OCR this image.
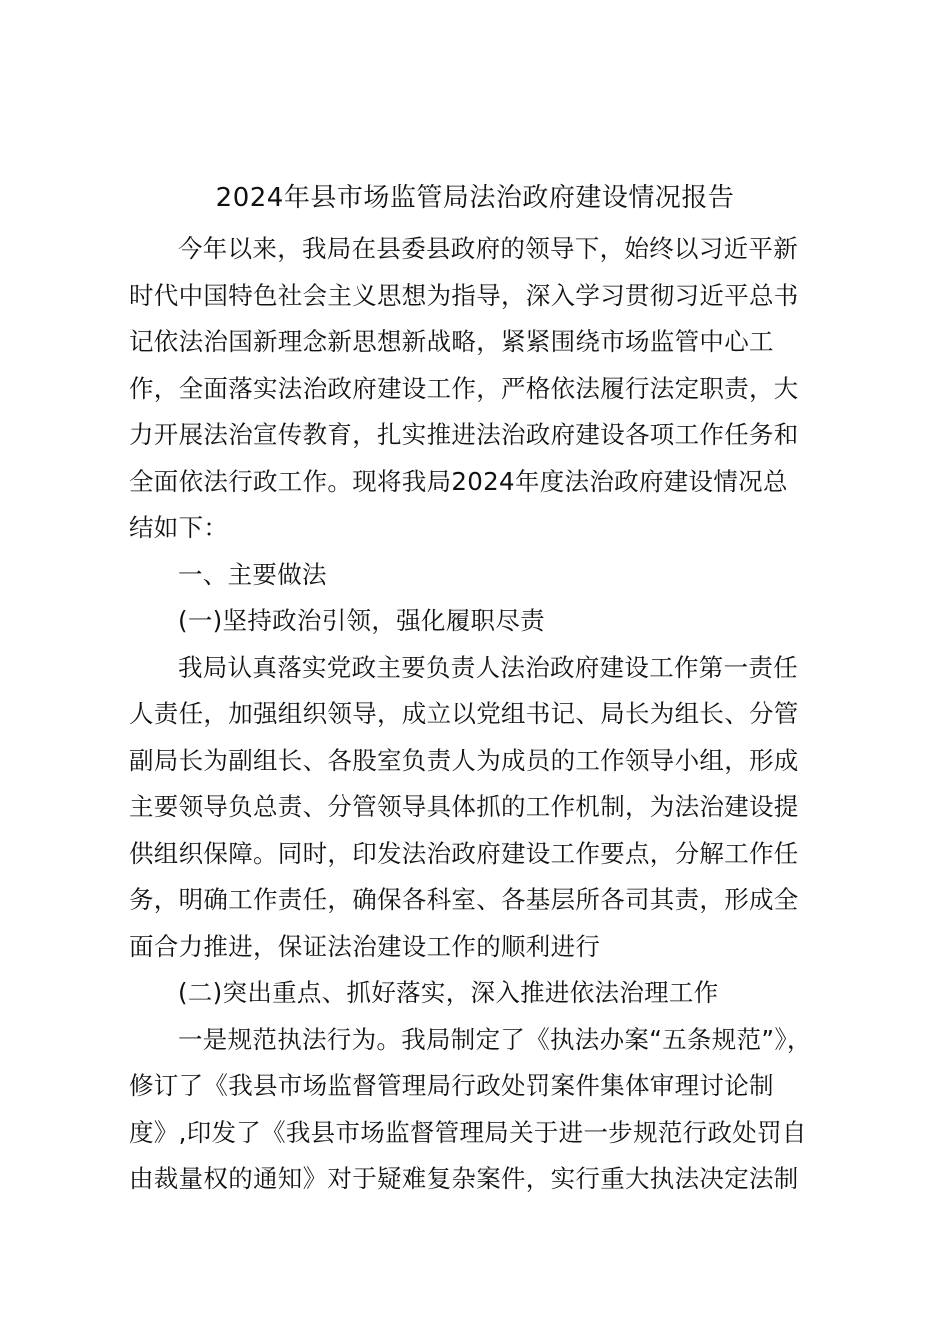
2024年县市场监管局法治政府建设情况报告
今年以来，我局在县委县政府的领导下，始终以习近平新
时代中国特色社会主义思想为指导，深入学习贯彻习近平总书
记依法治国新理念新思想新战略，紧紧围绕市场监管中心工
作，全面落实法治政府建设工作，严格依法履行法定职责，大
力开展法治宣传教育，扎实推进法治政府建设各项工作任务和
全面依法行政工作。现将我局2024年度法治政府建设情况总
结如下：
一、主要做法
(一)坚持政治引领，强化履职尽责
我局认真落实党政主要负责人法治政府建设工作第一责任
人责任，加强组织领导，成立以党组书记、局长为组长、分管
副局长为副组长、各股室负责人为成员的工作领导小组，形成
主要领导负总责、分管领导具体抓的工作机制，为法治建设提
供组织保障。同时，印发法治政府建设工作要点，分解工作任
务，明确工作责任，确保各科室、各基层所各司其责，形成全
面合力推进，保证法治建设工作的顺利进行
(二)突出重点、抓好落实，深入推进依法治理工作
一是规范执法行为。我局制定了《执法办案“五条规范”》，
修订了《我县市场监督管理局行政处罚案件集体审理讨论制
度》,印发了《我县市场监督管理局关于进一步规范行政处罚自
由裁量权的通知》对于疑难复杂案件，实行重大执法决定法制
